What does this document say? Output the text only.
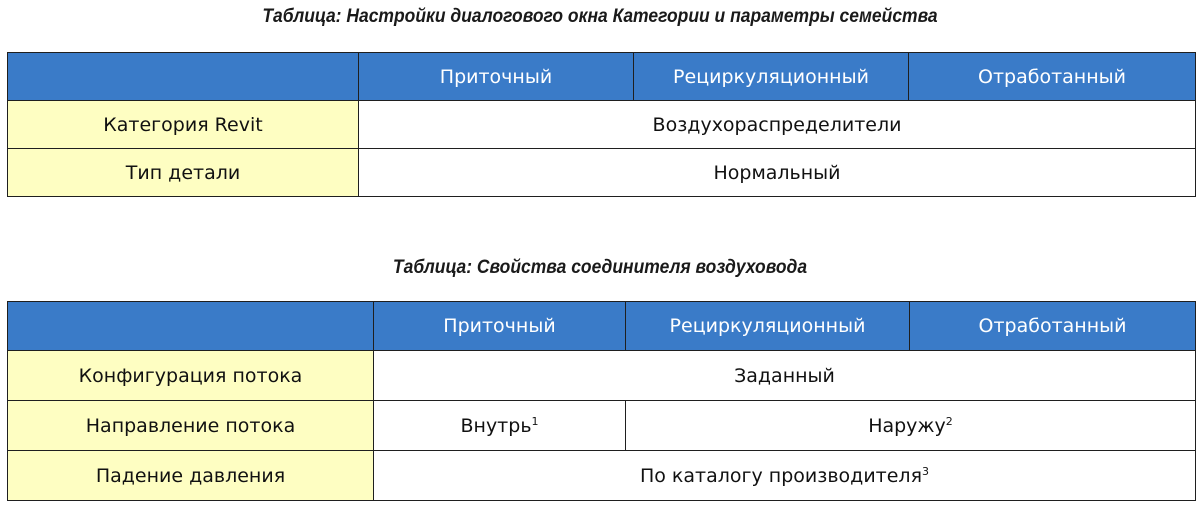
Таблица: Настройки диалогового окна Категории и параметры семейства
	Приточный	Рециркуляционный	Отработанный
Категория Revit	Воздухораспределители		
Тип детали	Нормальный		
Таблица: Свойства соединителя воздуховода
	Приточный	Рециркуляционный	Отработанный
Конфигурация потока	Заданный		
Направление потока	Внутрь$^1$	Наружу$^2$
Падение давления	По каталогу производителя$^3$
